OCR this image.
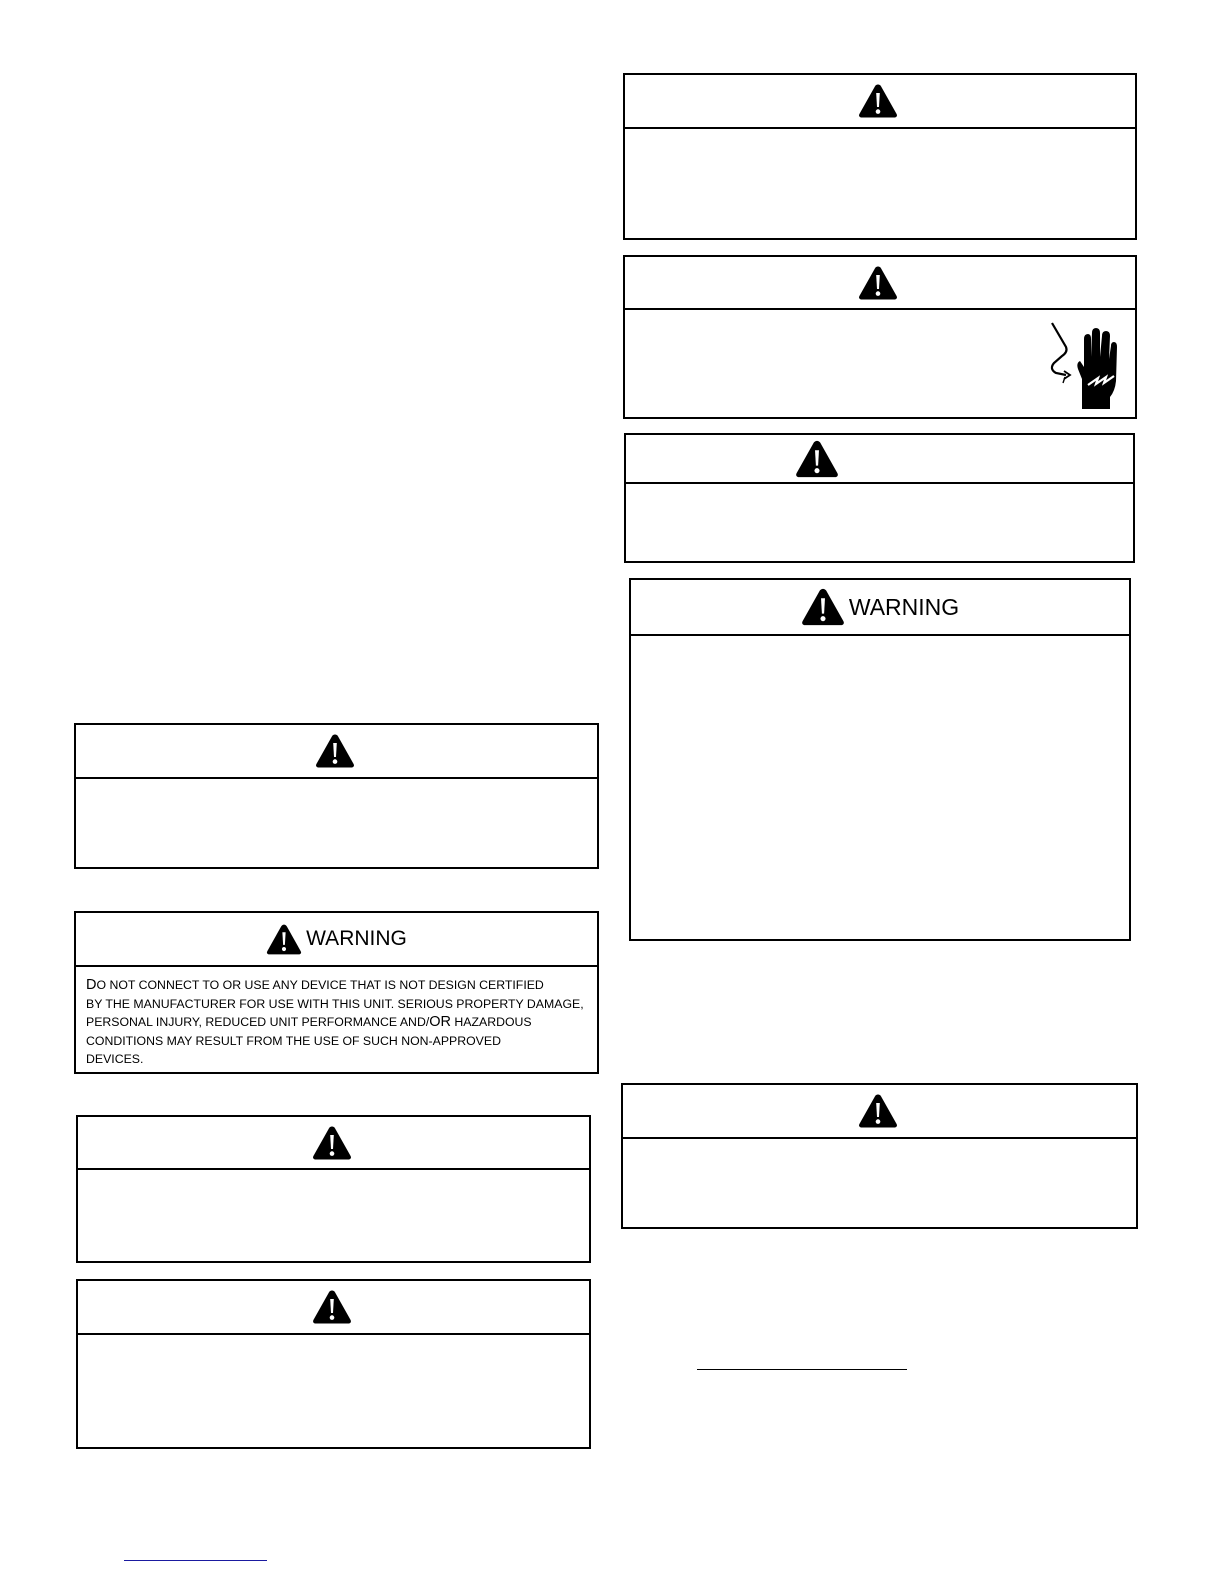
WARNING
DO NOT CONNECT TO OR USE ANY DEVICE THAT IS NOT DESIGN CERTIFIED
BY THE MANUFACTURER FOR USE WITH THIS UNIT. SERIOUS PROPERTY DAMAGE,
PERSONAL INJURY, REDUCED UNIT PERFORMANCE AND/OR HAZARDOUS
CONDITIONS MAY RESULT FROM THE USE OF SUCH NON-APPROVED
DEVICES.
WARNING
